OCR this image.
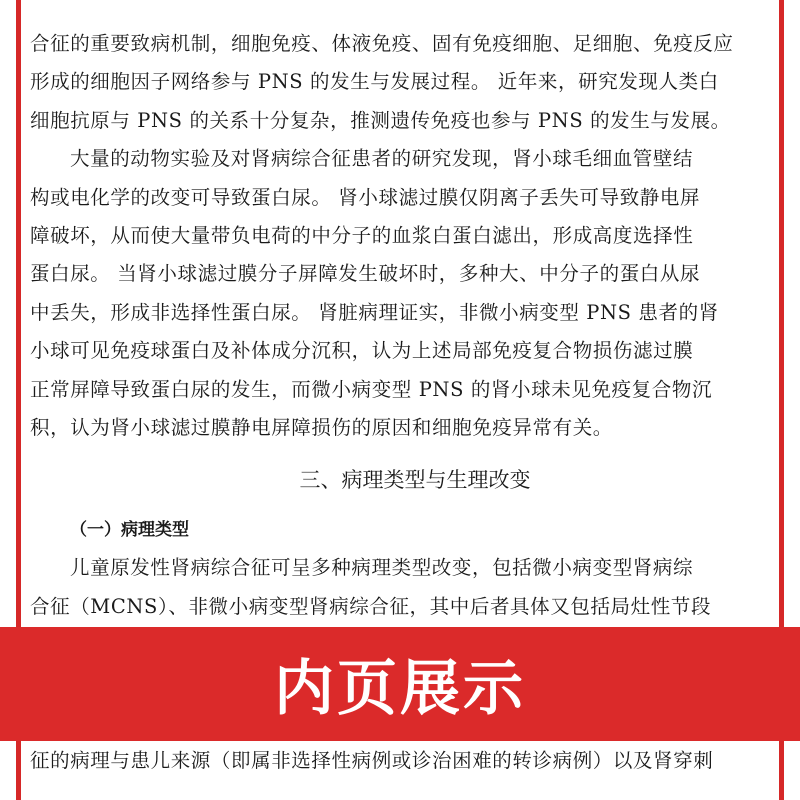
合征的重要致病机制，细胞免疫、体液免疫、固有免疫细胞、足细胞、免疫反应
形成的细胞因子网络参与 PNS 的发生与发展过程。 近年来，研究发现人类白
细胞抗原与 PNS 的关系十分复杂，推测遗传免疫也参与 PNS 的发生与发展。
大量的动物实验及对肾病综合征患者的研究发现，肾小球毛细血管壁结
构或电化学的改变可导致蛋白尿。 肾小球滤过膜仅阴离子丢失可导致静电屏
障破坏，从而使大量带负电荷的中分子的血浆白蛋白滤出，形成高度选择性
蛋白尿。 当肾小球滤过膜分子屏障发生破坏时，多种大、中分子的蛋白从尿
中丢失，形成非选择性蛋白尿。 肾脏病理证实，非微小病变型 PNS 患者的肾
小球可见免疫球蛋白及补体成分沉积，认为上述局部免疫复合物损伤滤过膜
正常屏障导致蛋白尿的发生，而微小病变型 PNS 的肾小球未见免疫复合物沉
积，认为肾小球滤过膜静电屏障损伤的原因和细胞免疫异常有关。
三、病理类型与生理改变
（一）病理类型
儿童原发性肾病综合征可呈多种病理类型改变，包括微小病变型肾病综
合征（MCNS）、非微小病变型肾病综合征，其中后者具体又包括局灶性节段
内页展示
征的病理与患儿来源（即属非选择性病例或诊治困难的转诊病例）以及肾穿刺
